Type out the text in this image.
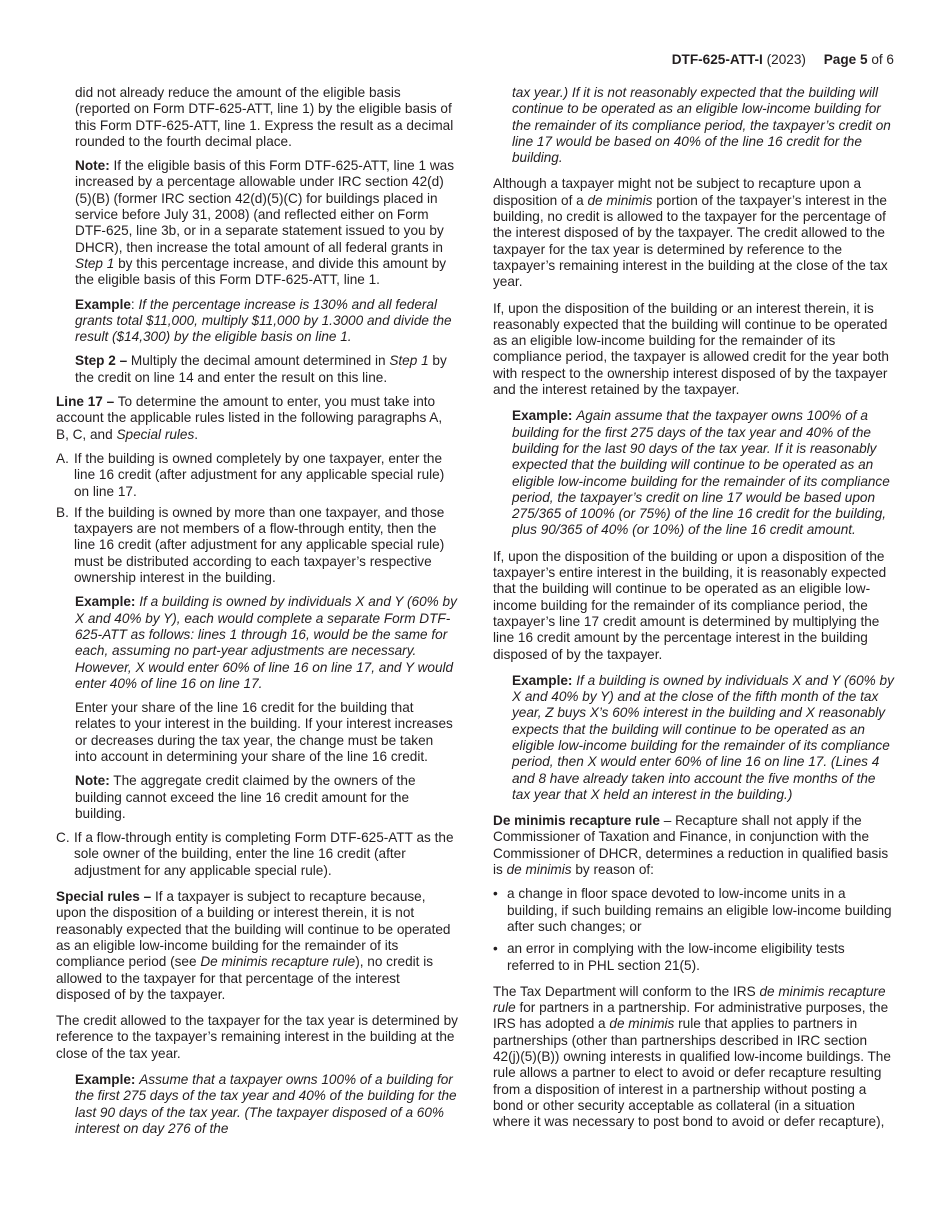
DTF-625-ATT-I (2023) Page 5 of 6

did not already reduce the amount of the eligible basis (reported on Form DTF-625-ATT, line 1) by the eligible basis of this Form DTF-625-ATT, line 1. Express the result as a decimal rounded to the fourth decimal place.

Note: If the eligible basis of this Form DTF-625-ATT, line 1 was increased by a percentage allowable under IRC section 42(d)(5)(B) (former IRC section 42(d)(5)(C) for buildings placed in service before July 31, 2008) (and reflected either on Form DTF-625, line 3b, or in a separate statement issued to you by DHCR), then increase the total amount of all federal grants in Step 1 by this percentage increase, and divide this amount by the eligible basis of this Form DTF-625-ATT, line 1.

Example: If the percentage increase is 130% and all federal grants total $11,000, multiply $11,000 by 1.3000 and divide the result ($14,300) by the eligible basis on line 1.

Step 2 – Multiply the decimal amount determined in Step 1 by the credit on line 14 and enter the result on this line.

Line 17 – To determine the amount to enter, you must take into account the applicable rules listed in the following paragraphs A, B, C, and Special rules.

A. If the building is owned completely by one taxpayer, enter the line 16 credit (after adjustment for any applicable special rule) on line 17.
B. If the building is owned by more than one taxpayer, and those taxpayers are not members of a flow-through entity, then the line 16 credit (after adjustment for any applicable special rule) must be distributed according to each taxpayer’s respective ownership interest in the building.

Example: If a building is owned by individuals X and Y (60% by X and 40% by Y), each would complete a separate Form DTF-625-ATT as follows: lines 1 through 16, would be the same for each, assuming no part-year adjustments are necessary. However, X would enter 60% of line 16 on line 17, and Y would enter 40% of line 16 on line 17.

Enter your share of the line 16 credit for the building that relates to your interest in the building. If your interest increases or decreases during the tax year, the change must be taken into account in determining your share of the line 16 credit.

Note: The aggregate credit claimed by the owners of the building cannot exceed the line 16 credit amount for the building.

C. If a flow-through entity is completing Form DTF-625-ATT as the sole owner of the building, enter the line 16 credit (after adjustment for any applicable special rule).

Special rules – If a taxpayer is subject to recapture because, upon the disposition of a building or interest therein, it is not reasonably expected that the building will continue to be operated as an eligible low-income building for the remainder of its compliance period (see De minimis recapture rule), no credit is allowed to the taxpayer for that percentage of the interest disposed of by the taxpayer.

The credit allowed to the taxpayer for the tax year is determined by reference to the taxpayer’s remaining interest in the building at the close of the tax year.

Example: Assume that a taxpayer owns 100% of a building for the first 275 days of the tax year and 40% of the building for the last 90 days of the tax year. (The taxpayer disposed of a 60% interest on day 276 of the

tax year.) If it is not reasonably expected that the building will continue to be operated as an eligible low-income building for the remainder of its compliance period, the taxpayer’s credit on line 17 would be based on 40% of the line 16 credit for the building.

Although a taxpayer might not be subject to recapture upon a disposition of a de minimis portion of the taxpayer’s interest in the building, no credit is allowed to the taxpayer for the percentage of the interest disposed of by the taxpayer. The credit allowed to the taxpayer for the tax year is determined by reference to the taxpayer’s remaining interest in the building at the close of the tax year.

If, upon the disposition of the building or an interest therein, it is reasonably expected that the building will continue to be operated as an eligible low-income building for the remainder of its compliance period, the taxpayer is allowed credit for the year both with respect to the ownership interest disposed of by the taxpayer and the interest retained by the taxpayer.

Example: Again assume that the taxpayer owns 100% of a building for the first 275 days of the tax year and 40% of the building for the last 90 days of the tax year. If it is reasonably expected that the building will continue to be operated as an eligible low-income building for the remainder of its compliance period, the taxpayer’s credit on line 17 would be based upon 275/365 of 100% (or 75%) of the line 16 credit for the building, plus 90/365 of 40% (or 10%) of the line 16 credit amount.

If, upon the disposition of the building or upon a disposition of the taxpayer’s entire interest in the building, it is reasonably expected that the building will continue to be operated as an eligible low-income building for the remainder of its compliance period, the taxpayer’s line 17 credit amount is determined by multiplying the line 16 credit amount by the percentage interest in the building disposed of by the taxpayer.

Example: If a building is owned by individuals X and Y (60% by X and 40% by Y) and at the close of the fifth month of the tax year, Z buys X’s 60% interest in the building and X reasonably expects that the building will continue to be operated as an eligible low-income building for the remainder of its compliance period, then X would enter 60% of line 16 on line 17. (Lines 4 and 8 have already taken into account the five months of the tax year that X held an interest in the building.)

De minimis recapture rule – Recapture shall not apply if the Commissioner of Taxation and Finance, in conjunction with the Commissioner of DHCR, determines a reduction in qualified basis is de minimis by reason of:

• a change in floor space devoted to low-income units in a building, if such building remains an eligible low-income building after such changes; or
• an error in complying with the low-income eligibility tests referred to in PHL section 21(5).

The Tax Department will conform to the IRS de minimis recapture rule for partners in a partnership. For administrative purposes, the IRS has adopted a de minimis rule that applies to partners in partnerships (other than partnerships described in IRC section 42(j)(5)(B)) owning interests in qualified low-income buildings. The rule allows a partner to elect to avoid or defer recapture resulting from a disposition of interest in a partnership without posting a bond or other security acceptable as collateral (in a situation where it was necessary to post bond to avoid or defer recapture),
